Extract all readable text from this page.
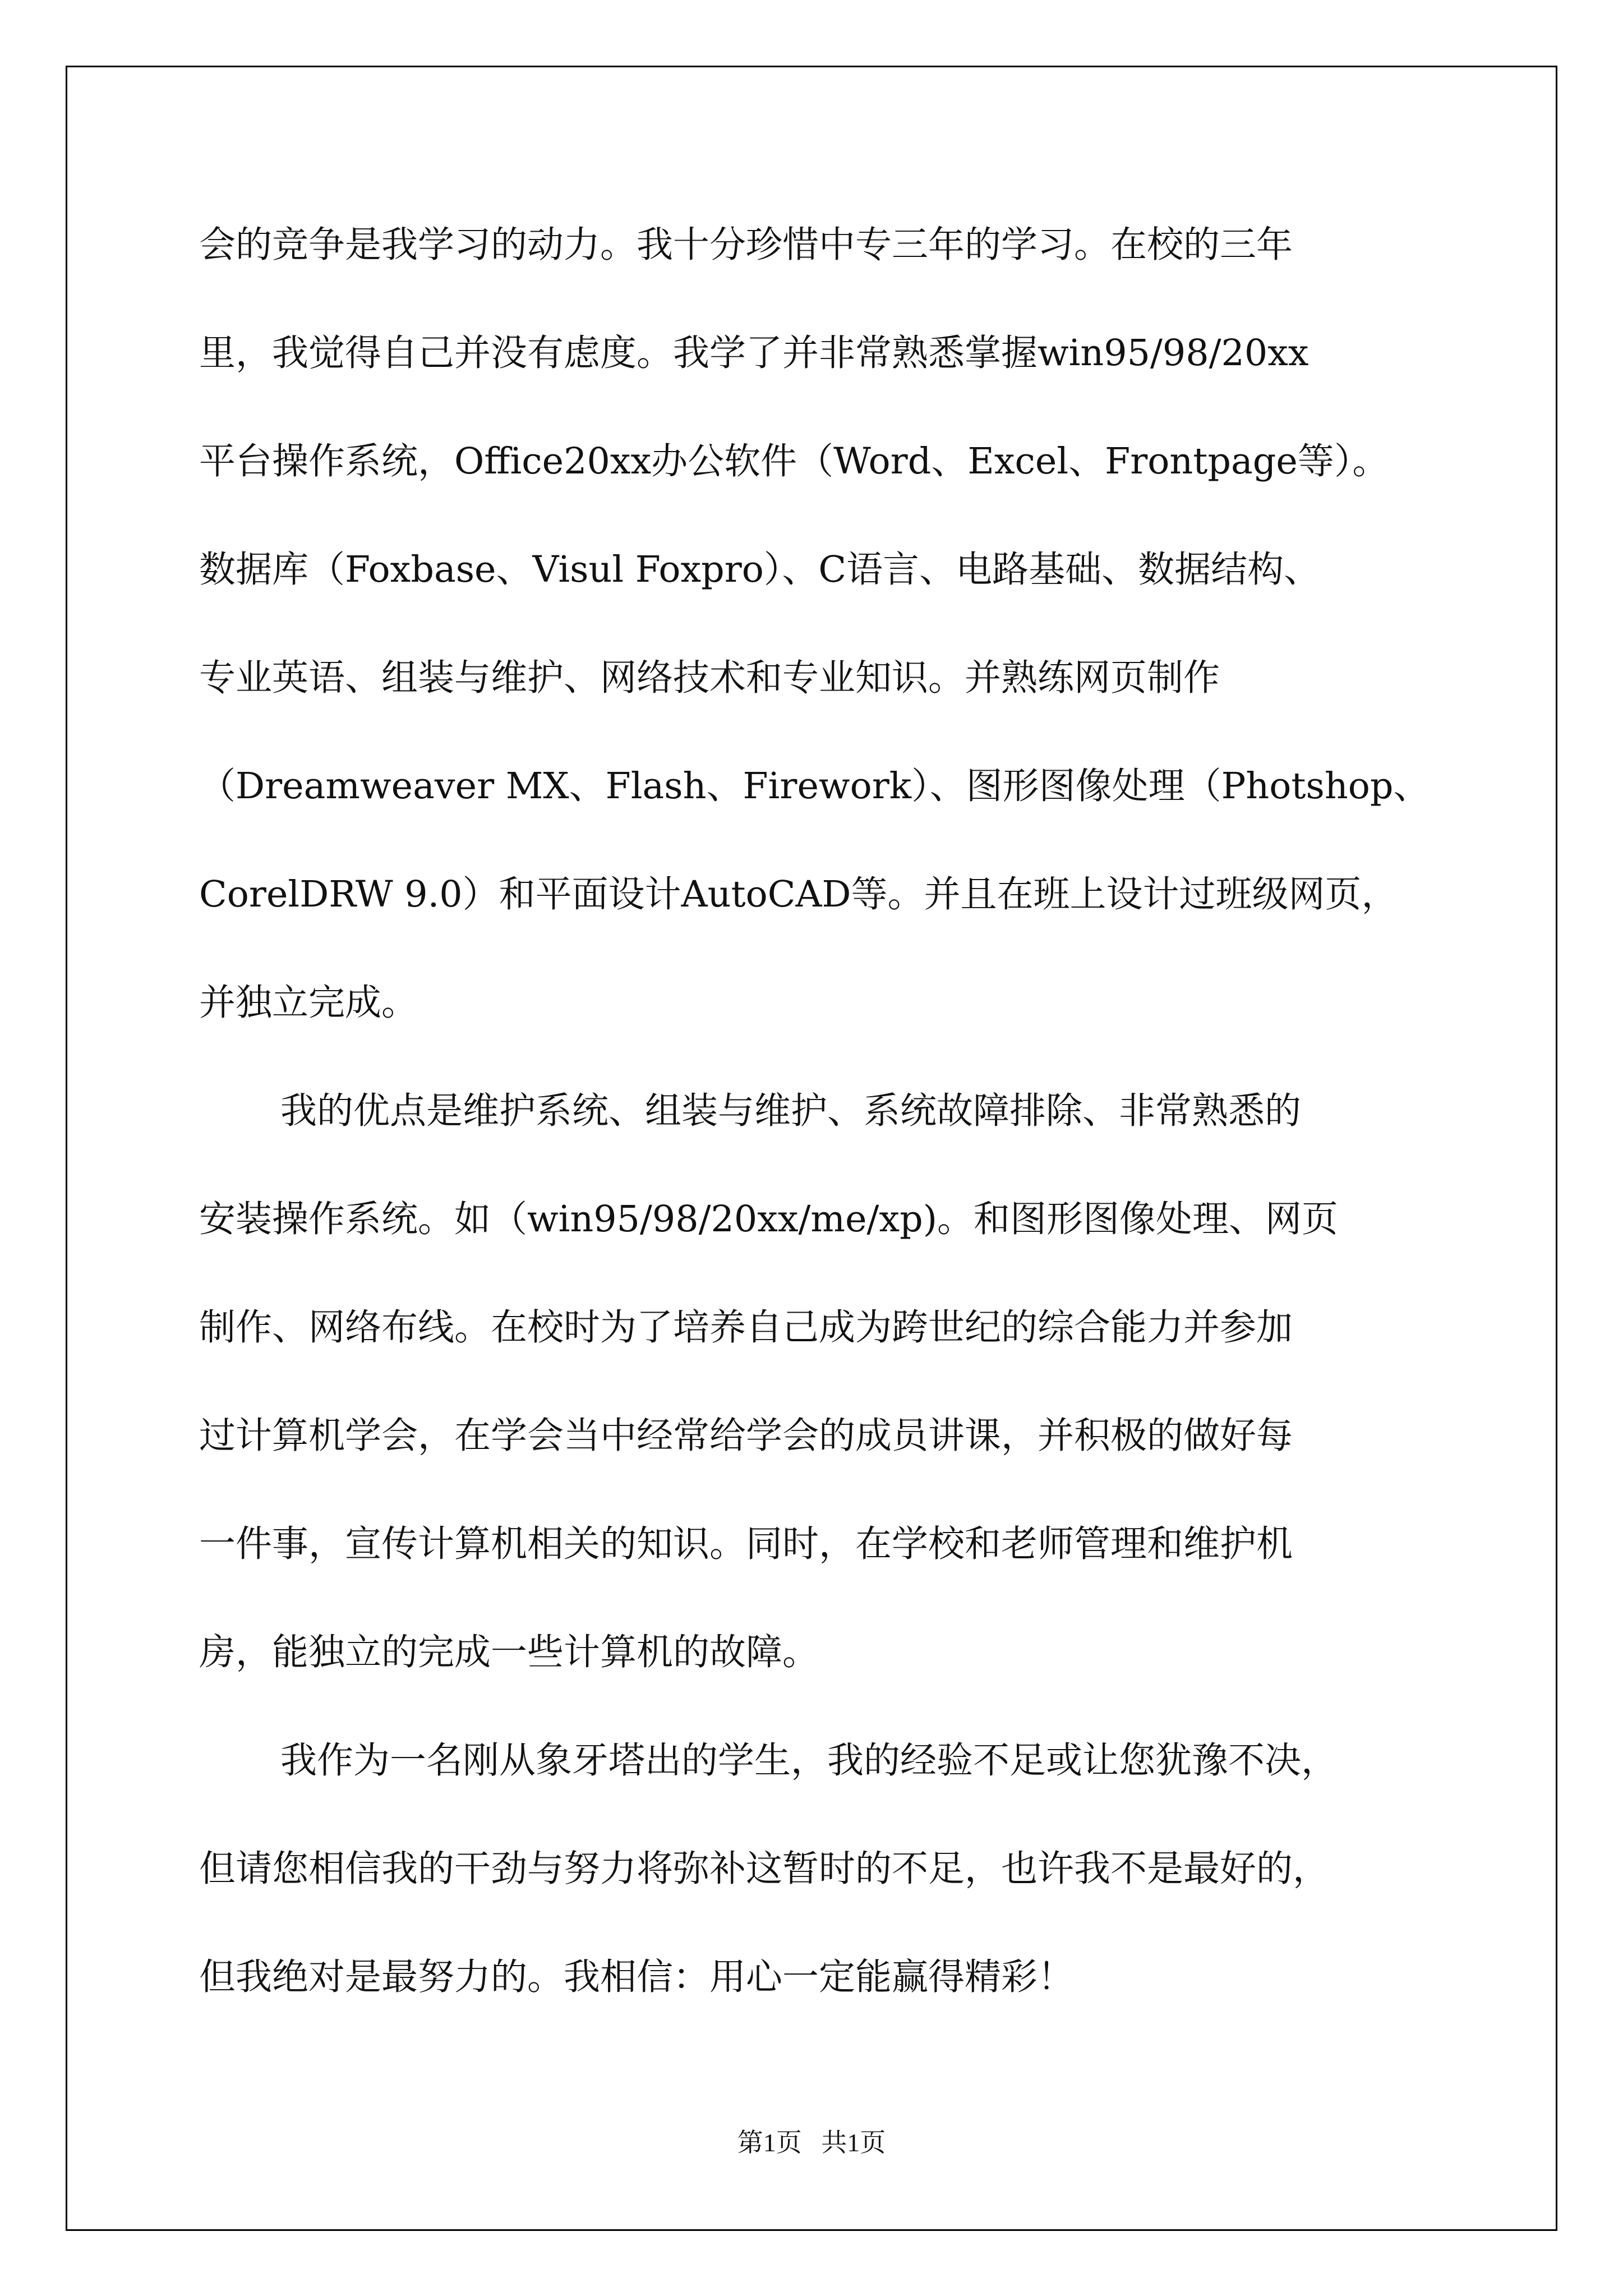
会的竞争是我学习的动力。我十分珍惜中专三年的学习。在校的三年
里，我觉得自己并没有虑度。我学了并非常熟悉掌握win95/98/20xx
平台操作系统，Office20xx办公软件（Word、Excel、Frontpage等）。
数据库（Foxbase、Visul Foxpro）、C语言、电路基础、数据结构、
专业英语、组装与维护、网络技术和专业知识。并熟练网页制作
（Dreamweaver MX、Flash、Firework）、图形图像处理（Photshop、
CorelDRW 9.0）和平面设计AutoCAD等。并且在班上设计过班级网页，
并独立完成。
我的优点是维护系统、组装与维护、系统故障排除、非常熟悉的
安装操作系统。如（win95/98/20xx/me/xp)。和图形图像处理、网页
制作、网络布线。在校时为了培养自己成为跨世纪的综合能力并参加
过计算机学会，在学会当中经常给学会的成员讲课，并积极的做好每
一件事，宣传计算机相关的知识。同时，在学校和老师管理和维护机
房，能独立的完成一些计算机的故障。
我作为一名刚从象牙塔出的学生，我的经验不足或让您犹豫不决，
但请您相信我的干劲与努力将弥补这暂时的不足，也许我不是最好的，
但我绝对是最努力的。我相信：用心一定能赢得精彩！
第1页   共1页
